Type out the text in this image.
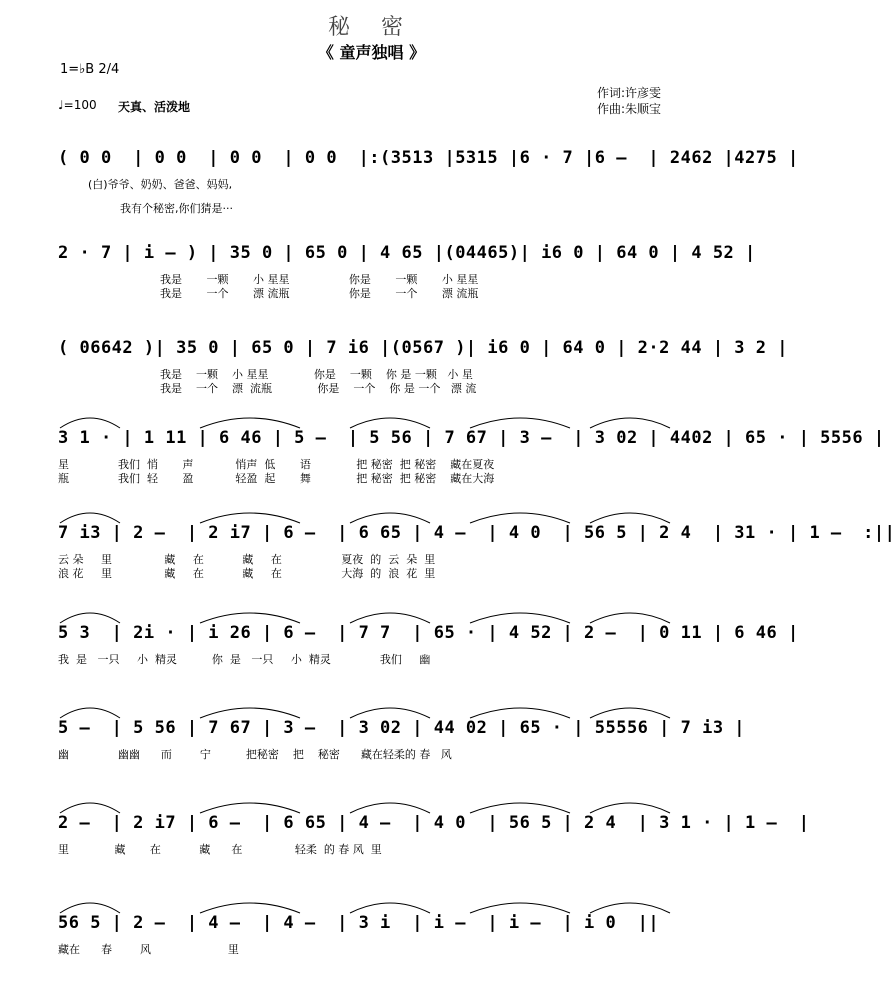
秘 密
《 童声独唱 》
1=♭B 2/4
♩=100 天真、活泼地
作词:许彦雯
作曲:朱顺宝
( 0 0  | 0 0  | 0 0  | 0 0  |:(3513 |5315 |6 · 7 |6 –  | 2462 |4275 |
(白)爷爷、奶奶、爸爸、妈妈,
我有个秘密,你们猜是···
2 · 7 | i – ) | 35 0 | 65 0 | 4 65 |(04465)| i6 0 | 64 0 | 4 52 |
我是       一颗       小 星星                 你是       一颗       小 星星
我是       一个       漂 流瓶                 你是       一个       漂 流瓶
( 06642 )| 35 0 | 65 0 | 7 i6 |(0567 )| i6 0 | 64 0 | 2·2 44 | 3 2 |
我是    一颗    小 星星             你是    一颗    你 是 一颗   小 星
我是    一个    漂  流瓶             你是    一个    你 是 一个   漂 流
3 1 · | 1 11 | 6 46 | 5 –  | 5 56 | 7 67 | 3 –  | 3 02 | 4402 | 65 · | 5556 |
星              我们  悄       声            悄声  低       语             把 秘密  把 秘密    藏在夏夜
瓶              我们  轻       盈            轻盈  起       舞             把 秘密  把 秘密    藏在大海
7 i3 | 2 –  | 2 i7 | 6 –  | 6 65 | 4 –  | 4 0  | 56 5 | 2 4  | 31 · | 1 –  :||
云 朵     里               藏     在           藏     在                 夏夜  的  云  朵  里
浪 花     里               藏     在           藏     在                 大海  的  浪  花  里
5 3  | 2i · | i 26 | 6 –  | 7 7  | 65 · | 4 52 | 2 –  | 0 11 | 6 46 |
我  是   一只     小  精灵          你  是   一只     小  精灵              我们     幽
5 –  | 5 56 | 7 67 | 3 –  | 3 02 | 44 02 | 65 · | 55556 | 7 i3 |
幽              幽幽      而        宁          把秘密    把    秘密      藏在轻柔的 春   风
2 –  | 2 i7 | 6 –  | 6 65 | 4 –  | 4 0  | 56 5 | 2 4  | 3 1 · | 1 –  |
里             藏       在           藏      在               轻柔  的 春 风  里
56 5 | 2 –  | 4 –  | 4 –  | 3 i  | i –  | i –  | i 0  ||
藏在      春        风                      里
